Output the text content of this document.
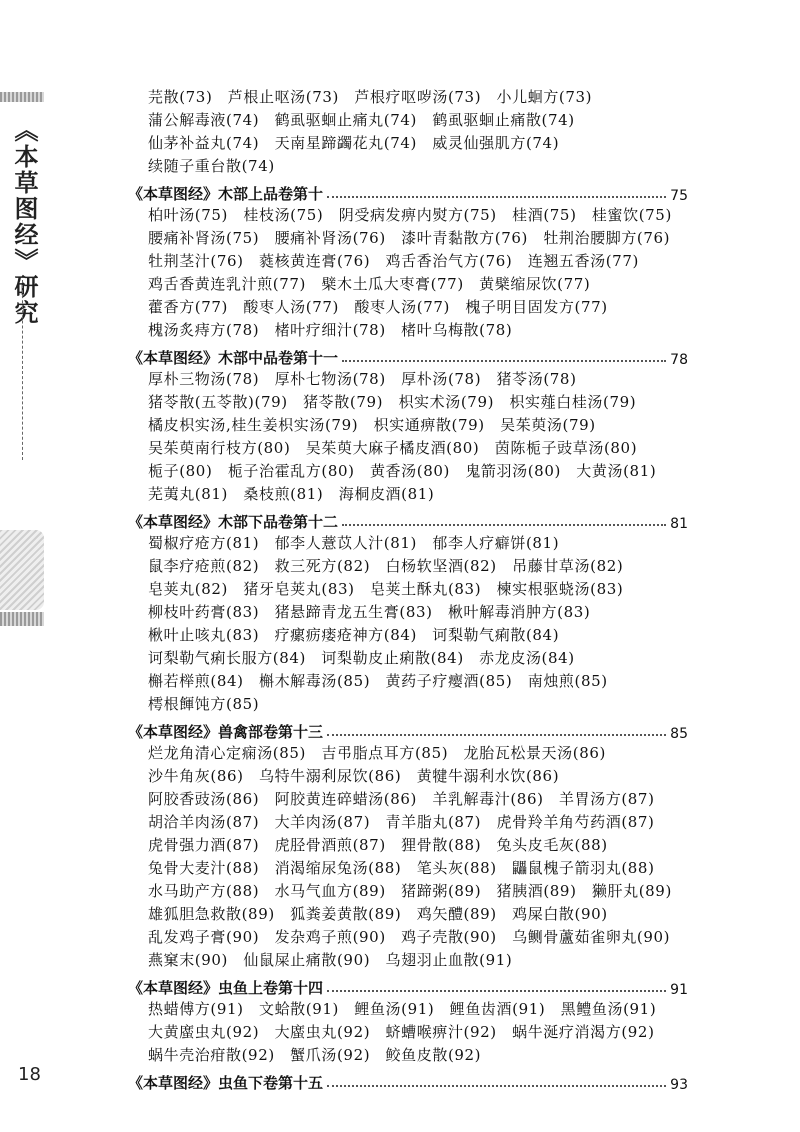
《本草图经》研究
芫散(73) 芦根止呕汤(73) 芦根疗呕哕汤(73) 小儿蛔方(73) 蒲公解毒液(74) 鹤虱驱蛔止痛丸(74) 鹤虱驱蛔止痛散(74) 仙茅补益丸(74) 天南星蹄蠲花丸(74) 威灵仙强肌方(74) 续随子重台散(74)
《本草图经》木部上品卷第十	75
柏叶汤(75) 桂枝汤(75) 阴受病发痹内熨方(75) 桂酒(75) 桂蜜饮(75) 腰痛补肾汤(75) 腰痛补肾汤(76) 漆叶青黏散方(76) 牡荆治腰脚方(76) 牡荆茎汁(76) 蕤核黄连膏(76) 鸡舌香治气方(76) 连翘五香汤(77) 鸡舌香黄连乳汁煎(77) 檗木土瓜大枣膏(77) 黄檗缩尿饮(77) 藿香方(77) 酸枣人汤(77) 酸枣人汤(77) 槐子明目固发方(77) 槐汤炙痔方(78) 楮叶疗细汁(78) 楮叶乌梅散(78)
《本草图经》木部中品卷第十一	78
厚朴三物汤(78) 厚朴七物汤(78) 厚朴汤(78) 猪苓汤(78) 猪苓散(五苓散)(79) 猪苓散(79) 枳实术汤(79) 枳实薤白桂汤(79) 橘皮枳实汤,桂生姜枳实汤(79) 枳实通痹散(79) 吴茱萸汤(79) 吴茱萸南行枝方(80) 吴茱萸大麻子橘皮酒(80) 茵陈栀子豉草汤(80) 栀子(80) 栀子治霍乱方(80) 黄香汤(80) 鬼箭羽汤(80) 大黄汤(81) 芜荑丸(81) 桑枝煎(81) 海桐皮酒(81)
《本草图经》木部下品卷第十二	81
蜀椒疗疮方(81) 郁李人薏苡人汁(81) 郁李人疗癖饼(81) 鼠李疗疮煎(82) 救三死方(82) 白杨软坚酒(82) 吊藤甘草汤(82) 皂荚丸(82) 猪牙皂荚丸(83) 皂荚土酥丸(83) 楝实根驱蛲汤(83) 柳枝叶药膏(83) 猪悬蹄青龙五生膏(83) 楸叶解毒消肿方(83) 楸叶止咳丸(83) 疗瘰疬瘘疮神方(84) 诃梨勒气痢散(84) 诃梨勒气痢长服方(84) 诃梨勒皮止痢散(84) 赤龙皮汤(84) 槲若榉煎(84) 槲木解毒汤(85) 黄药子疗瘿酒(85) 南烛煎(85) 樗根餫饨方(85)
《本草图经》兽禽部卷第十三	85
烂龙角清心定痫汤(85) 吉弔脂点耳方(85) 龙胎瓦松景天汤(86) 沙牛角灰(86) 乌特牛溺利尿饮(86) 黄犍牛溺利水饮(86) 阿胶香豉汤(86) 阿胶黄连碎蜡汤(86) 羊乳解毒汁(86) 羊胃汤方(87) 胡洽羊肉汤(87) 大羊肉汤(87) 青羊脂丸(87) 虎骨羚羊角芍药酒(87) 虎骨强力酒(87) 虎胫骨酒煎(87) 狸骨散(88) 兔头皮毛灰(88) 兔骨大麦汁(88) 消渴缩尿兔汤(88) 笔头灰(88) 鼺鼠槐子箭羽丸(88) 水马助产方(88) 水马气血方(89) 猪蹄粥(89) 猪胰酒(89) 獭肝丸(89) 雄狐胆急救散(89) 狐粪姜黄散(89) 鸡矢醴(89) 鸡屎白散(90) 乱发鸡子膏(90) 发杂鸡子煎(90) 鸡子壳散(90) 乌鲗骨蘆茹雀卵丸(90) 燕窠末(90) 仙鼠屎止痛散(90) 乌翅羽止血散(91)
《本草图经》虫鱼上卷第十四	91
热蜡傅方(91) 文蛤散(91) 鲤鱼汤(91) 鲤鱼齿酒(91) 黑鳢鱼汤(91) 大黄䗪虫丸(92) 大䗪虫丸(92) 蛴螬喉痹汁(92) 蜗牛涎疗消渴方(92) 蜗牛壳治疳散(92) 蟹爪汤(92) 鲛鱼皮散(92)
《本草图经》虫鱼下卷第十五	93
18
